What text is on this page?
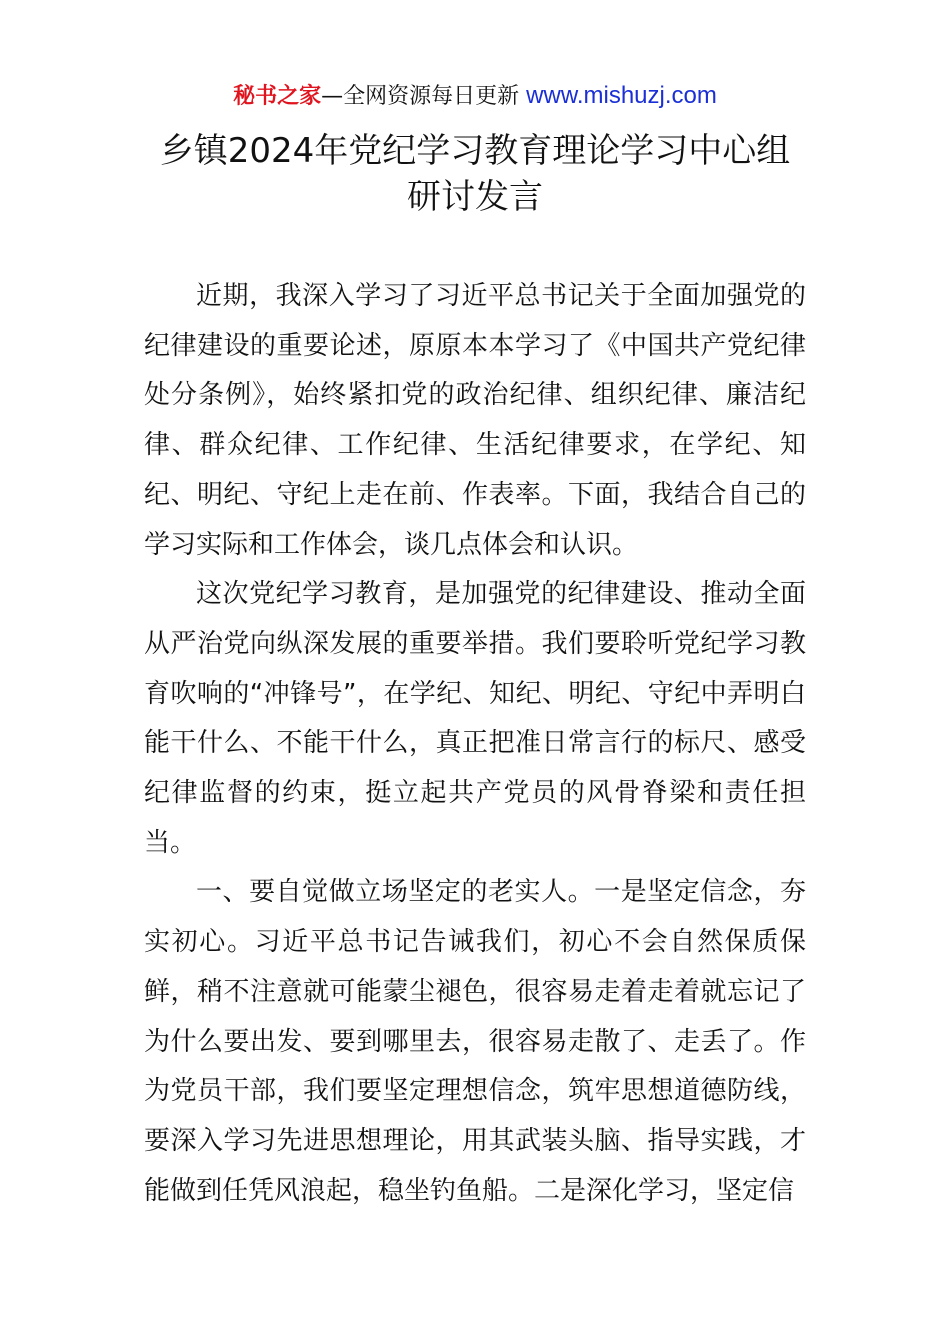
秘书之家—全网资源每日更新 www.mishuzj.com
乡镇2024年党纪学习教育理论学习中心组
研讨发言

近期，我深入学习了习近平总书记关于全面加强党的纪律建设的重要论述，原原本本学习了《中国共产党纪律处分条例》，始终紧扣党的政治纪律、组织纪律、廉洁纪律、群众纪律、工作纪律、生活纪律要求，在学纪、知纪、明纪、守纪上走在前、作表率。下面，我结合自己的学习实际和工作体会，谈几点体会和认识。

这次党纪学习教育，是加强党的纪律建设、推动全面从严治党向纵深发展的重要举措。我们要聆听党纪学习教育吹响的“冲锋号”，在学纪、知纪、明纪、守纪中弄明白能干什么、不能干什么，真正把准日常言行的标尺、感受纪律监督的约束，挺立起共产党员的风骨脊梁和责任担当。

一、要自觉做立场坚定的老实人。一是坚定信念，夯实初心。习近平总书记告诫我们，初心不会自然保质保鲜，稍不注意就可能蒙尘褪色，很容易走着走着就忘记了为什么要出发、要到哪里去，很容易走散了、走丢了。作为党员干部，我们要坚定理想信念，筑牢思想道德防线，要深入学习先进思想理论，用其武装头脑、指导实践，才能做到任凭风浪起，稳坐钓鱼船。二是深化学习，坚定信
